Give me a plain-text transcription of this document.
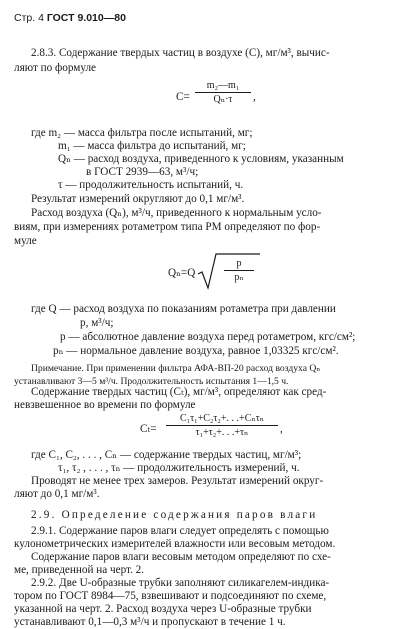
Стр. 4 ГОСТ 9.010—80
2.8.3. Содержание твердых частиц в воздухе (C), мг/м³, вычис-
ляют по формуле
$C= \frac{\text{m₂—m₁}}{\text{Qₙ·τ}}$ ,
где m₂ — масса фильтра после испытаний, мг;
m₁ — масса фильтра до испытаний, мг;
Qₙ — расход воздуха, приведенного к условиям, указанным
в ГОСТ 2939—63, м³/ч;
τ — продолжительность испытаний, ч.
Результат измерений округляют до 0,1 мг/м³.
Расход воздуха (Qₙ), м³/ч, приведенного к нормальным усло-
виям, при измерениях ротаметром типа РМ определяют по фор-
муле
Qₙ=Q	$\frac{p}{\text{pₙ}}$
где Q — расход воздуха по показаниям ротаметра при давлении
p, м³/ч;
p — абсолютное давление воздуха перед ротаметром, кгс/см²;
pₙ — нормальное давление воздуха, равное 1,03325 кгс/см².
Примечание. При применении фильтра АФА-ВП-20 расход воздуха Qₙ
устанавливают 3—5 м³/ч. Продолжительность испытания 1—1,5 ч.
Содержание твердых частиц (Cₜ), мг/м³, определяют как сред-
невзвешенное во времени по формуле
Cₜ=
C₁τ₁+C₂τ₂+. . .+Cₙτₙ
τ₁+τ₂+. . .+τₙ	,
где C₁, C₂, . . . , Cₙ — содержание твердых частиц, мг/м³;
τ₁, τ₂ , . . . , τₙ — продолжительность измерений, ч.
Проводят не менее трех замеров. Результат измерений округ-
ляют до 0,1 мг/м³.
2.9. Определение содержания паров влаги
2.9.1. Содержание паров влаги следует определять с помощью
кулонометрических измерителей влажности или весовым методом.
Содержание паров влаги весовым методом определяют по схе-
ме, приведенной на черт. 2.
2.9.2. Две U-образные трубки заполняют силикагелем-индика-
тором по ГОСТ 8984—75, взвешивают и подсоединяют по схеме,
указанной на черт. 2. Расход воздуха через U-образные трубки
устанавливают 0,1—0,3 м³/ч и пропускают в течение 1 ч.
